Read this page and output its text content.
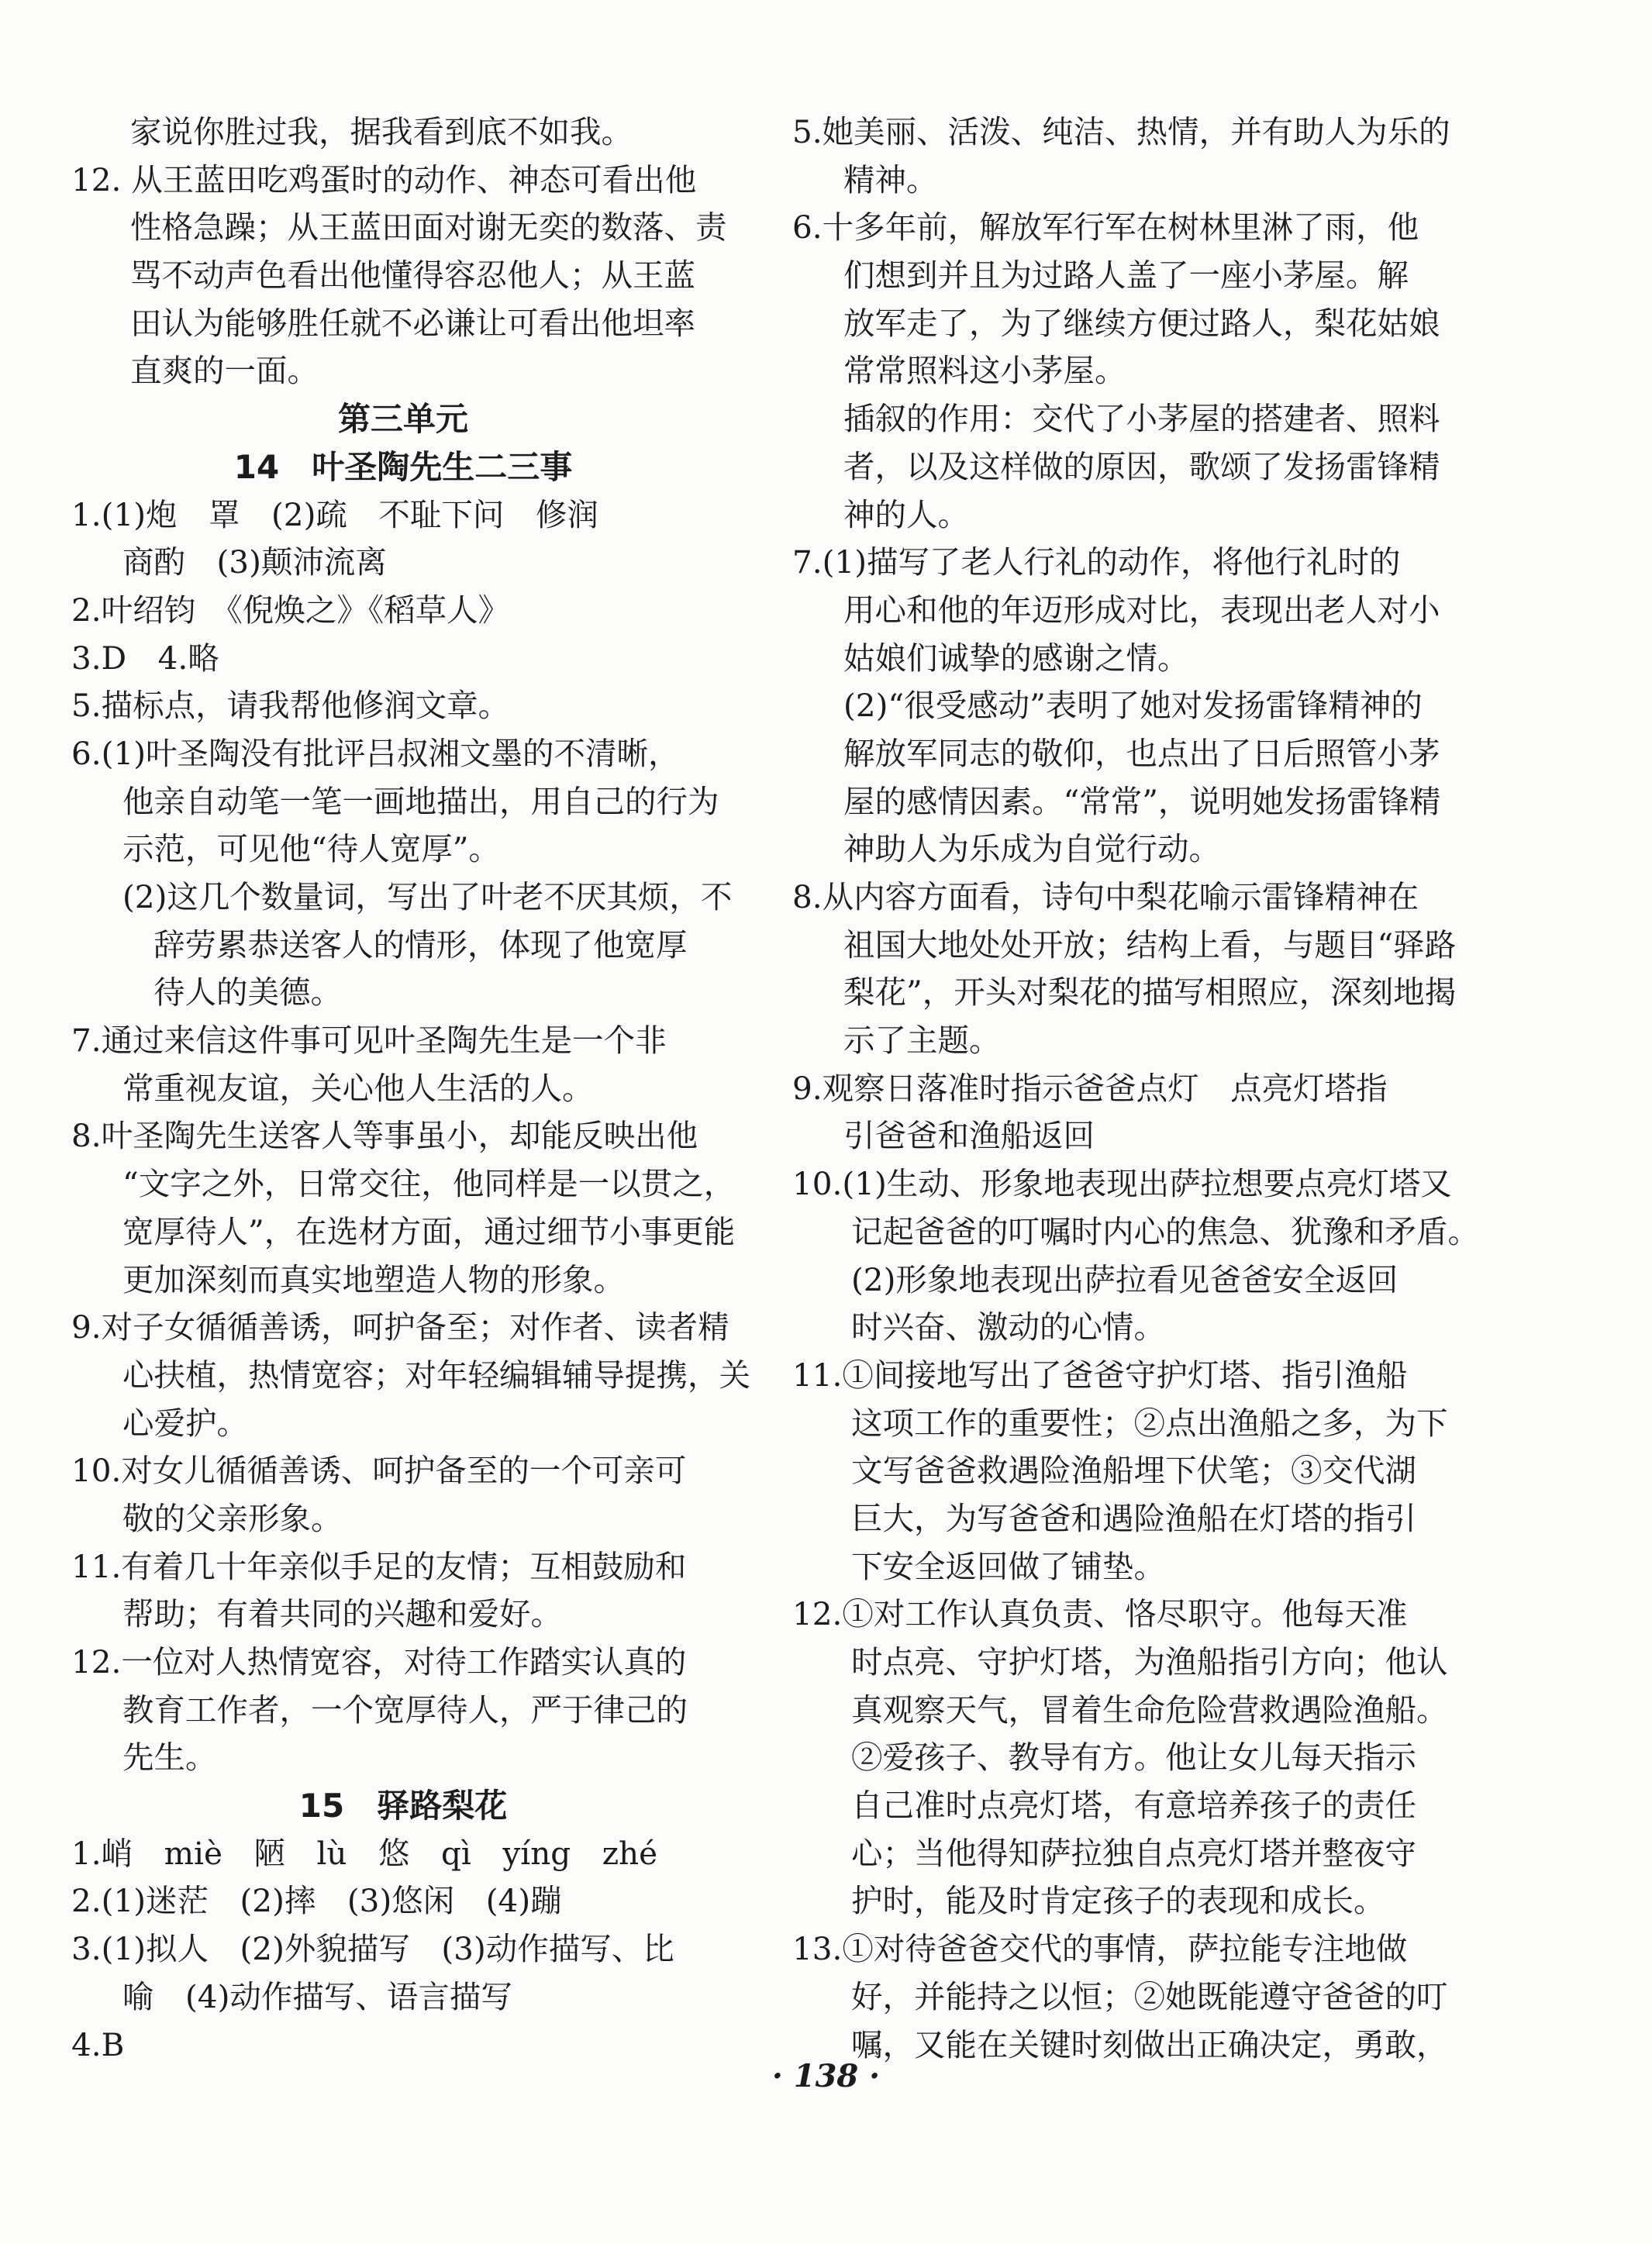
家说你胜过我，据我看到底不如我。
12. 从王蓝田吃鸡蛋时的动作、神态可看出他
性格急躁；从王蓝田面对谢无奕的数落、责
骂不动声色看出他懂得容忍他人；从王蓝
田认为能够胜任就不必谦让可看出他坦率
直爽的一面。
第三单元
14　叶圣陶先生二三事
1.(1)炮　罩　(2)疏　不耻下问　修润
商酌　(3)颠沛流离
2.叶绍钧　《倪焕之》《稻草人》
3.D　4.略
5.描标点，请我帮他修润文章。
6.(1)叶圣陶没有批评吕叔湘文墨的不清晰，
他亲自动笔一笔一画地描出，用自己的行为
示范，可见他“待人宽厚”。
(2)这几个数量词，写出了叶老不厌其烦，不
辞劳累恭送客人的情形，体现了他宽厚
待人的美德。
7.通过来信这件事可见叶圣陶先生是一个非
常重视友谊，关心他人生活的人。
8.叶圣陶先生送客人等事虽小，却能反映出他
“文字之外，日常交往，他同样是一以贯之，
宽厚待人”，在选材方面，通过细节小事更能
更加深刻而真实地塑造人物的形象。
9.对子女循循善诱，呵护备至；对作者、读者精
心扶植，热情宽容；对年轻编辑辅导提携，关
心爱护。
10.对女儿循循善诱、呵护备至的一个可亲可
敬的父亲形象。
11.有着几十年亲似手足的友情；互相鼓励和
帮助；有着共同的兴趣和爱好。
12.一位对人热情宽容，对待工作踏实认真的
教育工作者，一个宽厚待人，严于律己的
先生。
15　驿路梨花
1.峭　miè　陋　lù　悠　qì　yíng　zhé
2.(1)迷茫　(2)摔　(3)悠闲　(4)蹦
3.(1)拟人　(2)外貌描写　(3)动作描写、比
喻　(4)动作描写、语言描写
4.B
5.她美丽、活泼、纯洁、热情，并有助人为乐的
精神。
6.十多年前，解放军行军在树林里淋了雨，他
们想到并且为过路人盖了一座小茅屋。解
放军走了，为了继续方便过路人，梨花姑娘
常常照料这小茅屋。
插叙的作用：交代了小茅屋的搭建者、照料
者，以及这样做的原因，歌颂了发扬雷锋精
神的人。
7.(1)描写了老人行礼的动作，将他行礼时的
用心和他的年迈形成对比，表现出老人对小
姑娘们诚挚的感谢之情。
(2)“很受感动”表明了她对发扬雷锋精神的
解放军同志的敬仰，也点出了日后照管小茅
屋的感情因素。“常常”，说明她发扬雷锋精
神助人为乐成为自觉行动。
8.从内容方面看，诗句中梨花喻示雷锋精神在
祖国大地处处开放；结构上看，与题目“驿路
梨花”，开头对梨花的描写相照应，深刻地揭
示了主题。
9.观察日落准时指示爸爸点灯　点亮灯塔指
引爸爸和渔船返回
10.(1)生动、形象地表现出萨拉想要点亮灯塔又
记起爸爸的叮嘱时内心的焦急、犹豫和矛盾。
(2)形象地表现出萨拉看见爸爸安全返回
时兴奋、激动的心情。
11.①间接地写出了爸爸守护灯塔、指引渔船
这项工作的重要性；②点出渔船之多，为下
文写爸爸救遇险渔船埋下伏笔；③交代湖
巨大，为写爸爸和遇险渔船在灯塔的指引
下安全返回做了铺垫。
12.①对工作认真负责、恪尽职守。他每天准
时点亮、守护灯塔，为渔船指引方向；他认
真观察天气，冒着生命危险营救遇险渔船。
②爱孩子、教导有方。他让女儿每天指示
自己准时点亮灯塔，有意培养孩子的责任
心；当他得知萨拉独自点亮灯塔并整夜守
护时，能及时肯定孩子的表现和成长。
13.①对待爸爸交代的事情，萨拉能专注地做
好，并能持之以恒；②她既能遵守爸爸的叮
嘱，又能在关键时刻做出正确决定，勇敢，
· 138 ·
